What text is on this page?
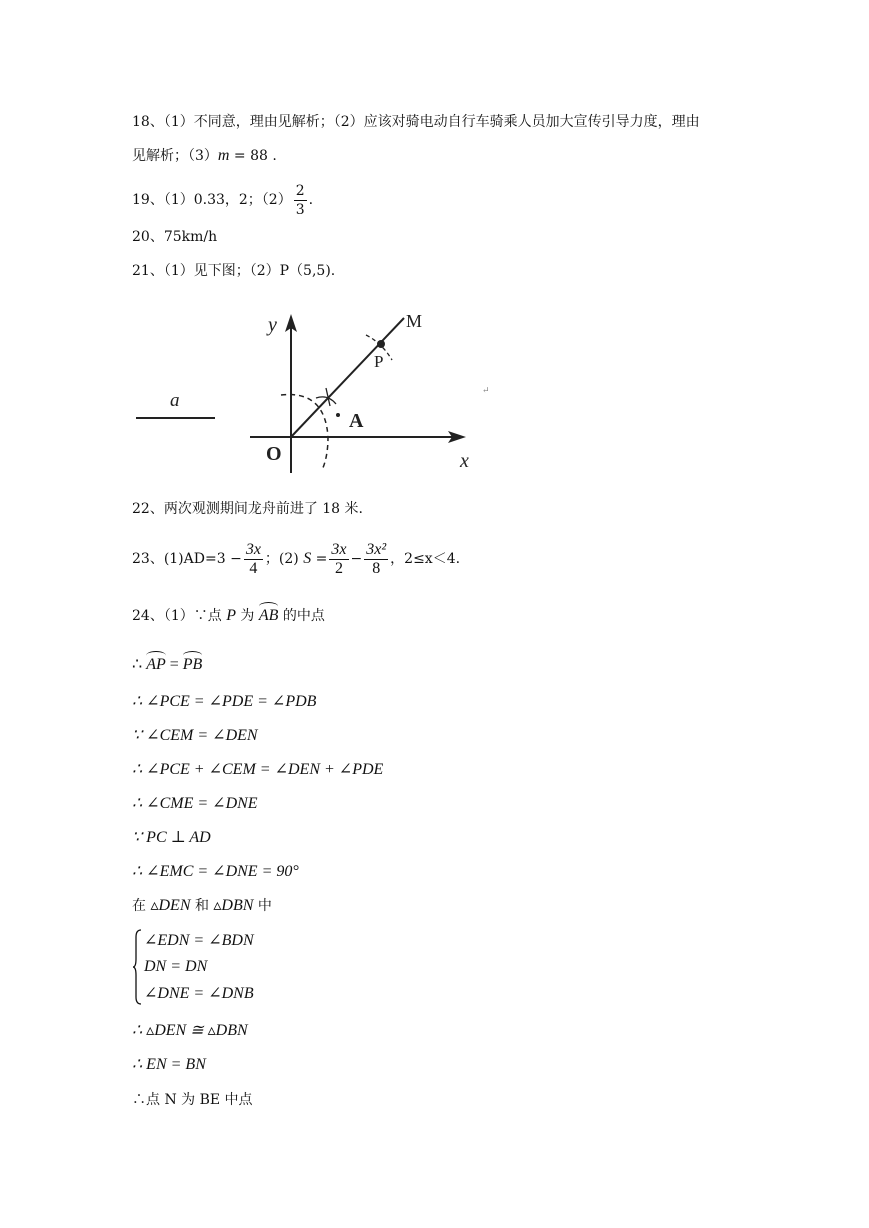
18、（1）不同意，理由见解析；（2）应该对骑电动自行车骑乘人员加大宣传引导力度，理由
见解析；（3）m = 88 .
19、（1）0.33，2；$(2) \frac{2}{3}$ .
20、75km/h
21、（1）见下图；（2）P（5,5).
a
y
x
O
M
P
A
↵
22、两次观测期间龙舟前进了 18 米.
23、$(1)AD=3 - \frac{3x}{4}$ ；(2) $S = \frac{3x}{2} - \frac{\text{3x²}}{8}$ ，2≤x＜4.
24、（1）∵点 P 为 AB 的中点
∴ AP = PB
∴ ∠PCE = ∠PDE = ∠PDB
∵ ∠CEM = ∠DEN
∴ ∠PCE + ∠CEM = ∠DEN + ∠PDE
∴ ∠CME = ∠DNE
∵ PC ⊥ AD
∴ ∠EMC = ∠DNE = 90°
在 ▵DEN 和 ▵DBN 中
∠EDN = ∠BDN
DN = DN
∠DNE = ∠DNB
∴ ▵DEN ≅ ▵DBN
∴ EN = BN
∴点 N 为 BE 中点
